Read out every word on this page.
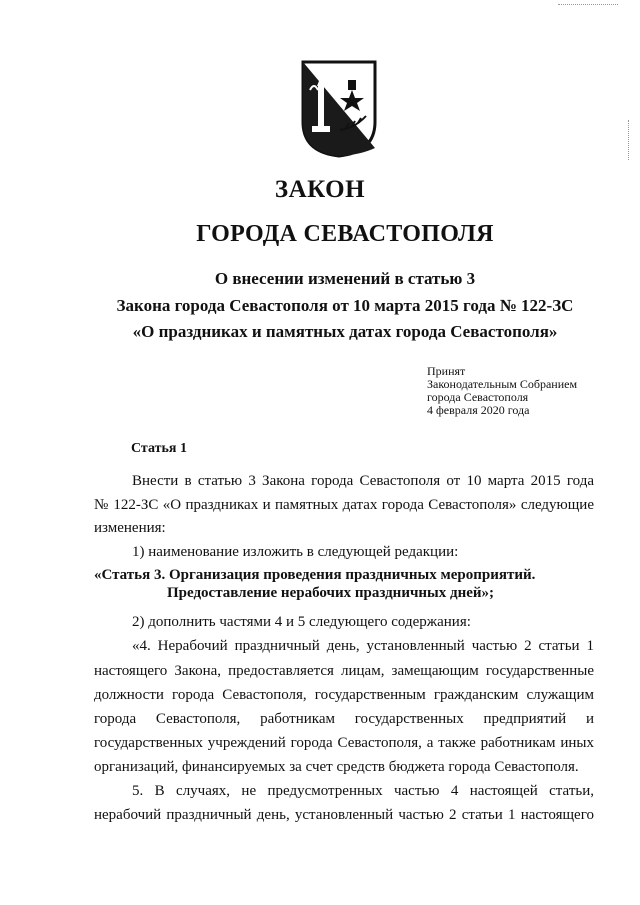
ЗАКОН
ГОРОДА СЕВАСТОПОЛЯ
О внесении изменений в статью 3
Закона города Севастополя от 10 марта 2015 года № 122-ЗС
«О праздниках и памятных датах города Севастополя»
Принят
Законодательным Собранием
города Севастополя
4 февраля 2020 года
Статья 1
Внести в статью 3 Закона города Севастополя от 10 марта 2015 года
№ 122-ЗС «О праздниках и памятных датах города Севастополя» следующие
изменения:
1) наименование изложить в следующей редакции:
«Статья 3. Организация проведения праздничных мероприятий.
Предоставление нерабочих праздничных дней»;
2) дополнить частями 4 и 5 следующего содержания:
«4. Нерабочий праздничный день, установленный частью 2 статьи 1
настоящего Закона, предоставляется лицам, замещающим государственные
должности города Севастополя, государственным гражданским служащим
города Севастополя, работникам государственных предприятий и
государственных учреждений города Севастополя, а также работникам иных
организаций, финансируемых за счет средств бюджета города Севастополя.
5. В случаях, не предусмотренных частью 4 настоящей статьи,
нерабочий праздничный день, установленный частью 2 статьи 1 настоящего
